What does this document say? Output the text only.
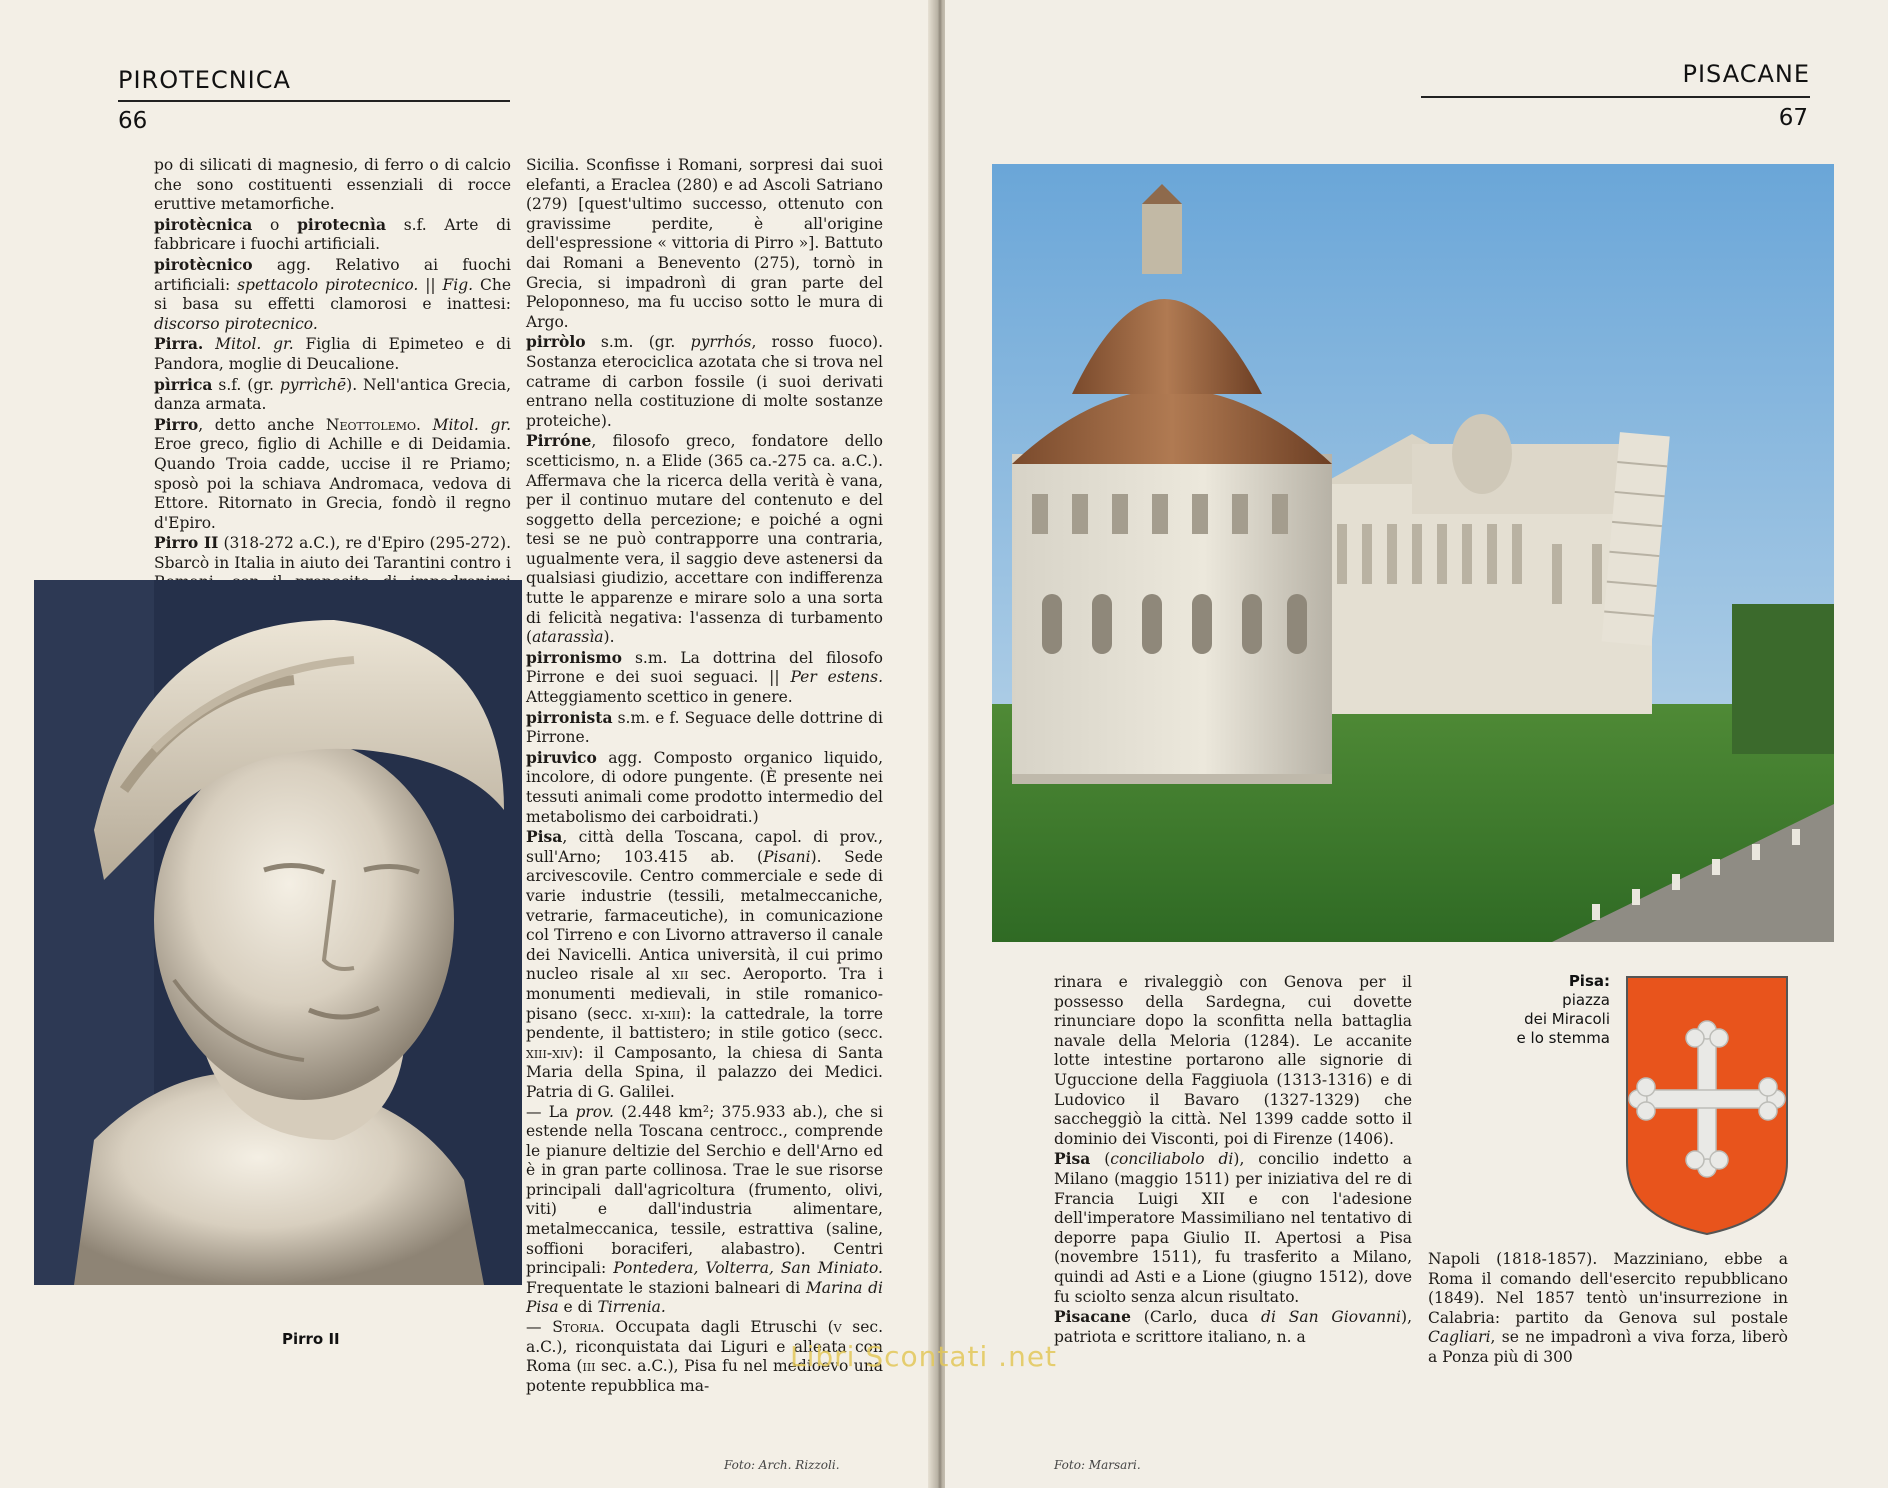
PIROTECNICA
66

po di silicati di magnesio, di ferro o di calcio che sono costituenti essenziali di rocce eruttive metamorfiche.

pirotècnica o pirotecnìa s.f. Arte di fabbricare i fuochi artificiali.

pirotècnico agg. Relativo ai fuochi artificiali: spettacolo pirotecnico. || Fig. Che si basa su effetti clamorosi e inattesi: discorso pirotecnico.

Pirra. Mitol. gr. Figlia di Epimeteo e di Pandora, moglie di Deucalione.

pìrrica s.f. (gr. pyrrìchē). Nell'antica Grecia, danza armata.

Pirro, detto anche Neottolemo. Mitol. gr. Eroe greco, figlio di Achille e di Deidamia. Quando Troia cadde, uccise il re Priamo; sposò poi la schiava Andromaca, vedova di Ettore. Ritornato in Grecia, fondò il regno d'Epiro.

Pirro II (318-272 a.C.), re d'Epiro (295-272). Sbarcò in Italia in aiuto dei Tarantini contro i

Pirro II

Sicilia. Sconfisse i Romani, sorpresi dai suoi elefanti, a Eraclea (280) e ad Ascoli Satriano (279) [quest'ultimo successo, ottenuto con gravissime perdite, è all'origine dell'espressione « vittoria di Pirro »]. Battuto dai Romani a Benevento (275), tornò in Grecia, si impadronì di gran parte del Peloponneso, ma fu ucciso sotto le mura di Argo.

pirròlo s.m. (gr. pyrrhós, rosso fuoco). Sostanza eterociclica azotata che si trova nel catrame di carbon fossile (i suoi derivati entrano nella costituzione di molte sostanze proteiche).

Pirróne, filosofo greco, fondatore dello scetticismo, n. a Elide (365 ca.-275 ca. a.C.). Affermava che la ricerca della verità è vana, per il continuo mutare del contenuto e del soggetto della percezione; e poiché a ogni tesi se ne può contrapporre una contraria, ugualmente vera, il saggio deve astenersi da qualsiasi giudizio, accettare con indifferenza tutte le apparenze e mirare solo a una sorta di felicità negativa: l'assenza di turbamento (atarassìa).

pirronismo s.m. La dottrina del filosofo Pirrone e dei suoi seguaci. || Per estens. Atteggiamento scettico in genere.

pirronista s.m. e f. Seguace delle dottrine di Pirrone.

piruvico agg. Composto organico liquido, incolore, di odore pungente. (È presente nei tessuti animali come prodotto intermedio del metabolismo dei carboidrati.)

Pisa, città della Toscana, capol. di prov., sull'Arno; 103.415 ab. (Pisani). Sede arcivescovile. Centro commerciale e sede di varie industrie (tessili, metalmeccaniche, vetrarie, farmaceutiche), in comunicazione col Tirreno e con Livorno attraverso il canale dei Navicelli. Antica università, il cui primo nucleo risale al xii sec. Aeroporto. Tra i monumenti medievali, in stile romanico-pisano (secc. xi-xiii): la cattedrale, la torre pendente, il battistero; in stile gotico (secc. xiii-xiv): il Camposanto, la chiesa di Santa Maria della Spina, il palazzo dei Medici. Patria di G. Galilei.

— La prov. (2.448 km²; 375.933 ab.), che si estende nella Toscana centrocc., comprende le pianure deltizie del Serchio e dell'Arno ed è in gran parte collinosa. Trae le sue risorse principali dall'agricoltura (frumento, olivi, viti) e dall'industria alimentare, metalmeccanica, tessile, estrattiva (saline, soffioni boraciferi, alabastro). Centri principali: Pontedera, Volterra, San Miniato. Frequentate le stazioni balneari di Marina di Pisa e di Tirrenia.

— Storia. Occupata dagli Etruschi (v sec. a.C.), riconquistata dai Liguri e alleata con Roma (iii sec. a.C.), Pisa fu nel medioevo una potente repubblica ma-

Foto: Arch. Rizzoli.
PISACANE
67

rinara e rivaleggiò con Genova per il possesso della Sardegna, cui dovette rinunciare dopo la sconfitta nella battaglia navale della Meloria (1284). Le accanite lotte intestine portarono alle signorie di Uguccione della Faggiuola (1313-1316) e di Ludovico il Bavaro (1327-1329) che saccheggiò la città. Nel 1399 cadde sotto il dominio dei Visconti, poi di Firenze (1406).

Pisa (conciliabolo di), concilio indetto a Milano (maggio 1511) per iniziativa del re di Francia Luigi XII e con l'adesione dell'imperatore Massimiliano nel tentativo di deporre papa Giulio II. Apertosi a Pisa (novembre 1511), fu trasferito a Milano, quindi ad Asti e a Lione (giugno 1512), dove fu sciolto senza alcun risultato.

Pisacane (Carlo, duca di San Giovanni), patriota e scrittore italiano, n. a

Pisa:
piazza
dei Miracoli
e lo stemma

Napoli (1818-1857). Mazziniano, ebbe a Roma il comando dell'esercito repubblicano (1849). Nel 1857 tentò un'insurrezione in Calabria: partito da Genova sul postale Cagliari, se ne impadronì a viva forza, liberò a Ponza più di 300

Libri Scontati .net
Foto: Marsari.
